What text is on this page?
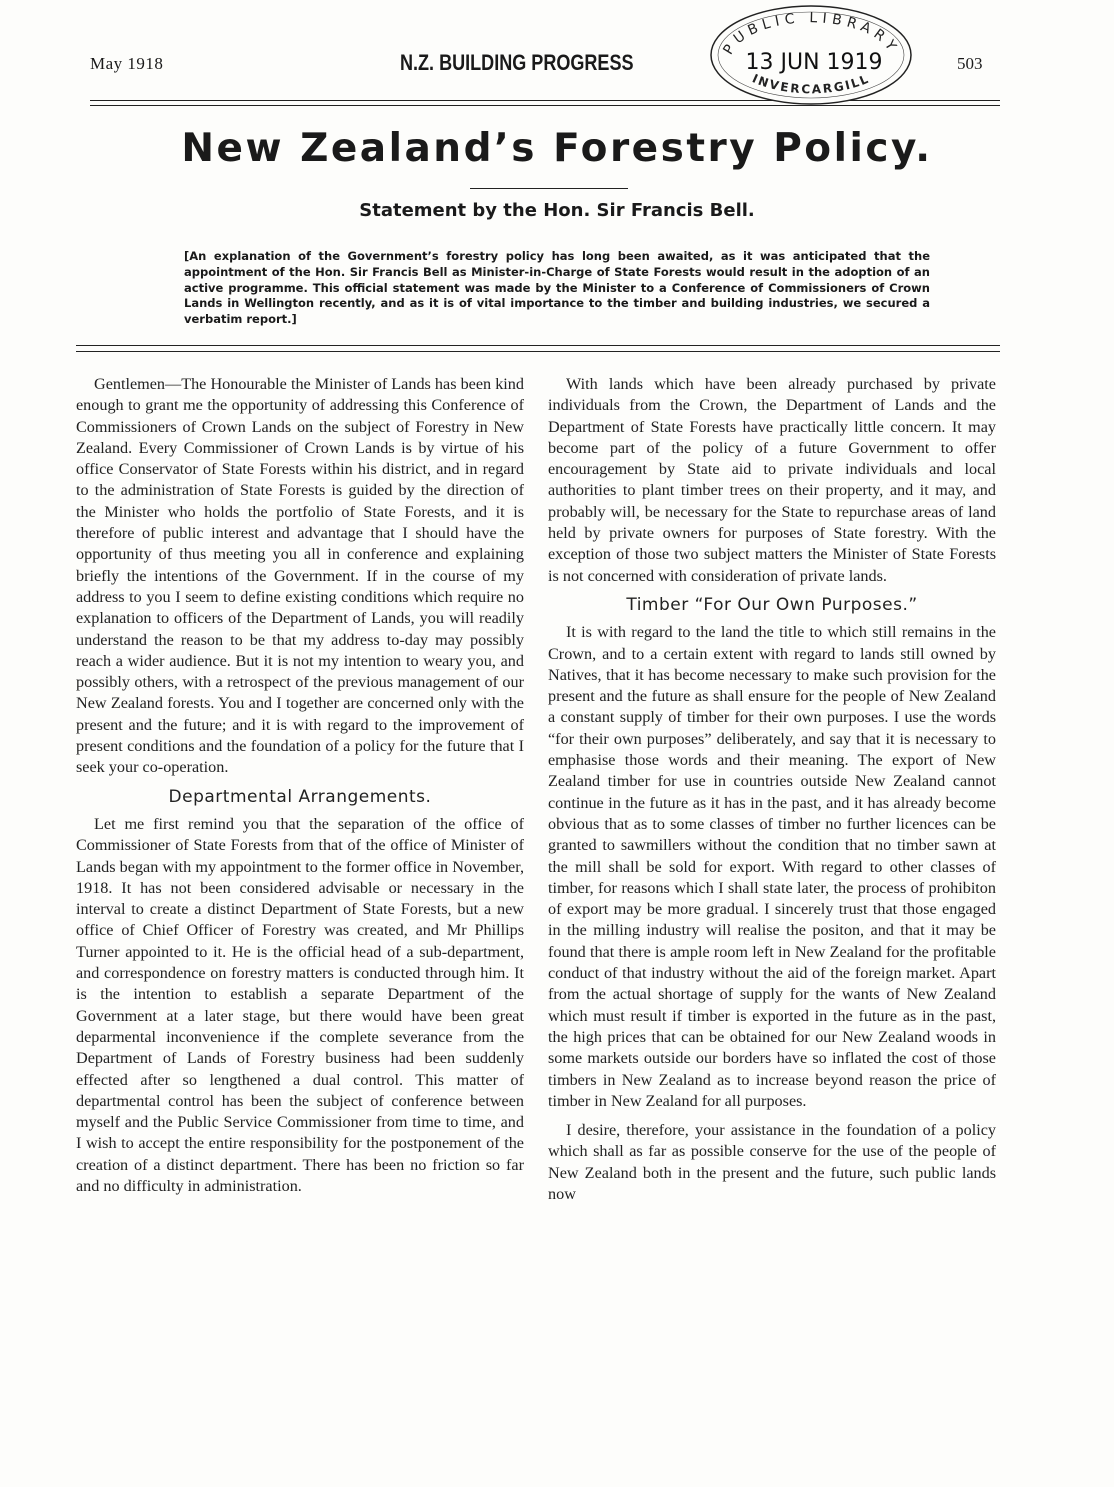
May 1918	N.Z. BUILDING PROGRESS	503
PUBLIC LIBRARY
13 JUN 1919
INVERCARGILL
New Zealand’s Forestry Policy.
Statement by the Hon. Sir Francis Bell.
[An explanation of the Government’s forestry policy has long been awaited, as it was anticipated that the appointment of the Hon. Sir Francis Bell as Minister-in-Charge of State Forests would result in the adoption of an active programme. This official statement was made by the Minister to a Conference of Commissioners of Crown Lands in Wellington recently, and as it is of vital importance to the timber and building industries, we secured a verbatim report.]

Gentlemen—The Honourable the Minister of Lands has been kind enough to grant me the opportunity of addressing this Conference of Commissioners of Crown Lands on the subject of Forestry in New Zealand. Every Commissioner of Crown Lands is by virtue of his office Conservator of State Forests within his district, and in regard to the administration of State Forests is guided by the direction of the Minister who holds the portfolio of State Forests, and it is therefore of public interest and advantage that I should have the opportunity of thus meeting you all in conference and explaining briefly the intentions of the Government. If in the course of my address to you I seem to define existing conditions which require no explanation to officers of the Department of Lands, you will readily understand the reason to be that my address to-day may possibly reach a wider audience. But it is not my intention to weary you, and possibly others, with a retrospect of the previous management of our New Zealand forests. You and I together are concerned only with the present and the future; and it is with regard to the improvement of present conditions and the foundation of a policy for the future that I seek your co-operation.

Departmental Arrangements.

Let me first remind you that the separation of the office of Commissioner of State Forests from that of the office of Minister of Lands began with my appointment to the former office in November, 1918. It has not been considered advisable or necessary in the interval to create a distinct Department of State Forests, but a new office of Chief Officer of Forestry was created, and Mr Phillips Turner appointed to it. He is the official head of a sub-department, and correspondence on forestry matters is conducted through him. It is the intention to establish a separate Department of the Government at a later stage, but there would have been great deparmental inconvenience if the complete severance from the Department of Lands of Forestry business had been suddenly effected after so lengthened a dual control. This matter of departmental control has been the subject of conference between myself and the Public Service Commissioner from time to time, and I wish to accept the entire responsibility for the postponement of the creation of a distinct department. There has been no friction so far and no difficulty in administration.

With lands which have been already purchased by private individuals from the Crown, the Department of Lands and the Department of State Forests have practically little concern. It may become part of the policy of a future Government to offer encouragement by State aid to private individuals and local authorities to plant timber trees on their property, and it may, and probably will, be necessary for the State to repurchase areas of land held by private owners for purposes of State forestry. With the exception of those two subject matters the Minister of State Forests is not concerned with consideration of private lands.

Timber “For Our Own Purposes.”

It is with regard to the land the title to which still remains in the Crown, and to a certain extent with regard to lands still owned by Natives, that it has become necessary to make such provision for the present and the future as shall ensure for the people of New Zealand a constant supply of timber for their own purposes. I use the words “for their own purposes” deliberately, and say that it is necessary to emphasise those words and their meaning. The export of New Zealand timber for use in countries outside New Zealand cannot continue in the future as it has in the past, and it has already become obvious that as to some classes of timber no further licences can be granted to sawmillers without the condition that no timber sawn at the mill shall be sold for export. With regard to other classes of timber, for reasons which I shall state later, the process of prohibiton of export may be more gradual. I sincerely trust that those engaged in the milling industry will realise the positon, and that it may be found that there is ample room left in New Zealand for the profitable conduct of that industry without the aid of the foreign market. Apart from the actual shortage of supply for the wants of New Zealand which must result if timber is exported in the future as in the past, the high prices that can be obtained for our New Zealand woods in some markets outside our borders have so inflated the cost of those timbers in New Zealand as to increase beyond reason the price of timber in New Zealand for all purposes.

I desire, therefore, your assistance in the foundation of a policy which shall as far as possible conserve for the use of the people of New Zealand both in the present and the future, such public lands now
